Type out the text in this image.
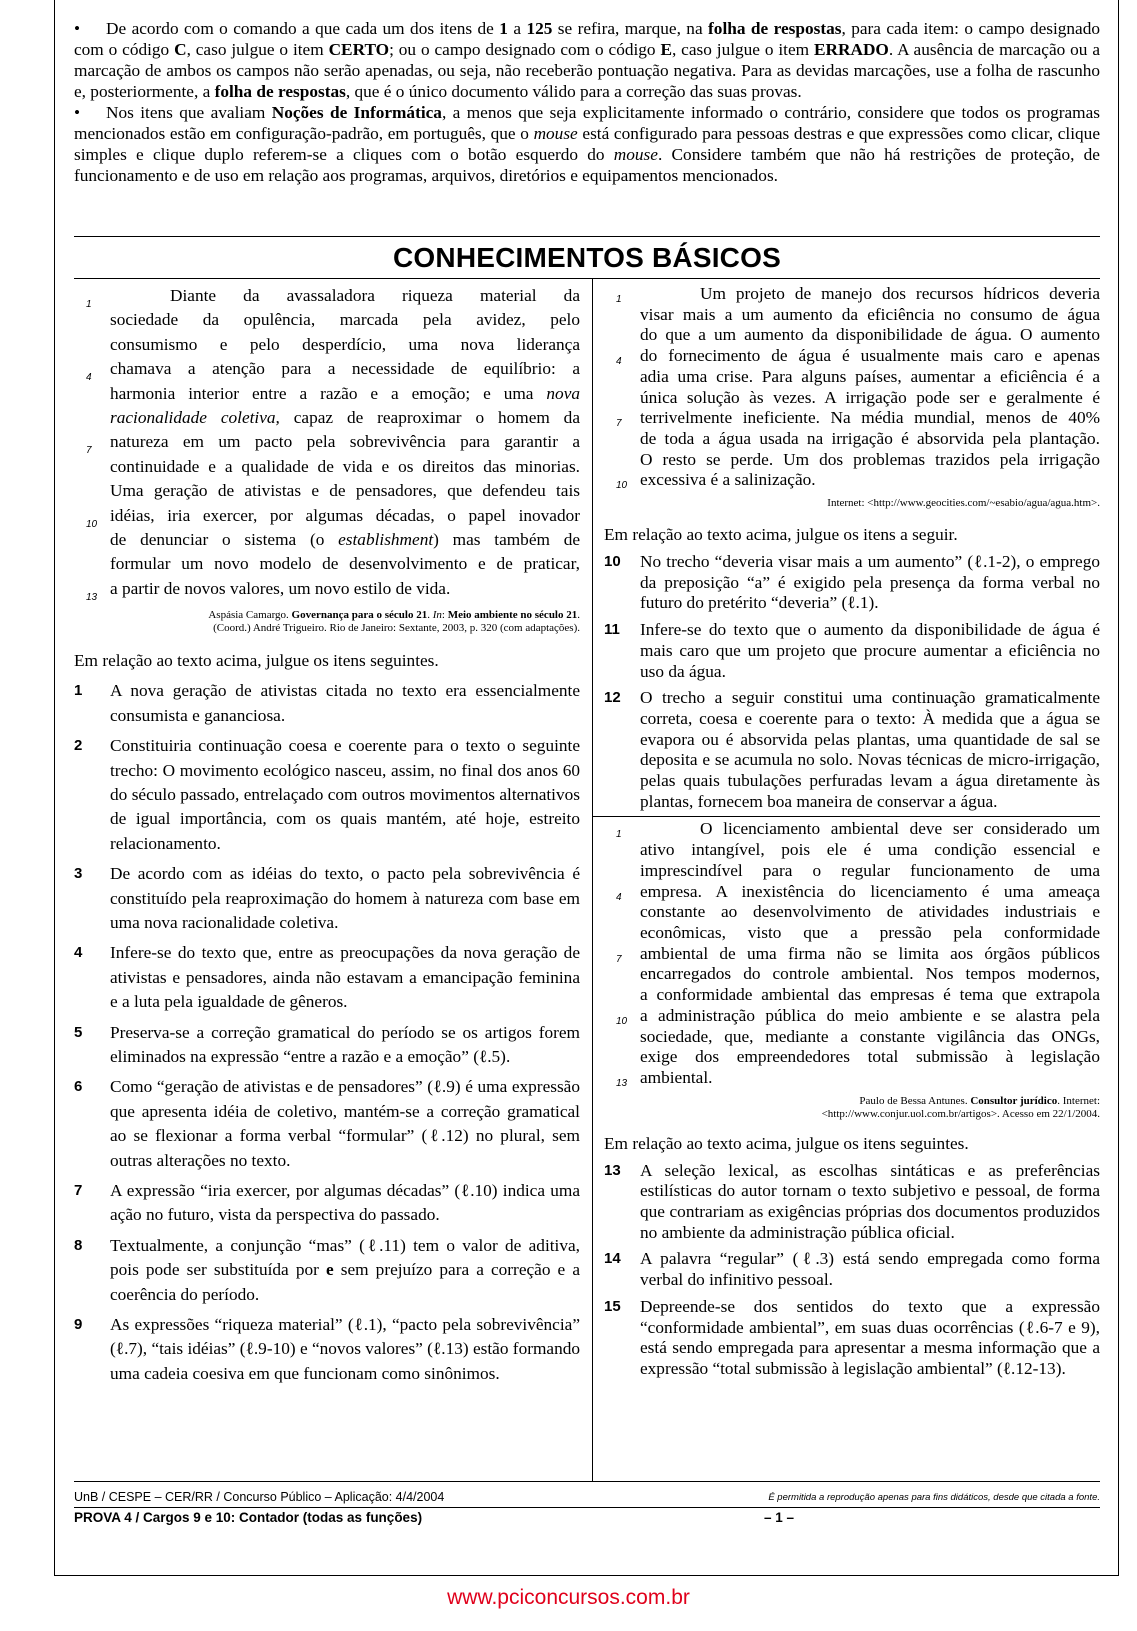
• De acordo com o comando a que cada um dos itens de 1 a 125 se refira, marque, na folha de respostas, para cada item: o campo designado com o código C, caso julgue o item CERTO; ou o campo designado com o código E, caso julgue o item ERRADO. A ausência de marcação ou a marcação de ambos os campos não serão apenadas, ou seja, não receberão pontuação negativa. Para as devidas marcações, use a folha de rascunho e, posteriormente, a folha de respostas, que é o único documento válido para a correção das suas provas.

• Nos itens que avaliam Noções de Informática, a menos que seja explicitamente informado o contrário, considere que todos os programas mencionados estão em configuração-padrão, em português, que o mouse está configurado para pessoas destras e que expressões como clicar, clique simples e clique duplo referem-se a cliques com o botão esquerdo do mouse. Considere também que não há restrições de proteção, de funcionamento e de uso em relação aos programas, arquivos, diretórios e equipamentos mencionados.

CONHECIMENTOS BÁSICOS

1	Diante da avassaladora riqueza material da

sociedade da opulência, marcada pela avidez, pelo

consumismo e pelo desperdício, uma nova liderança

4 chamava a atenção para a necessidade de equilíbrio: a

harmonia interior entre a razão e a emoção; e uma nova

racionalidade coletiva, capaz de reaproximar o homem da

7 natureza em um pacto pela sobrevivência para garantir a

continuidade e a qualidade de vida e os direitos das minorias.

Uma geração de ativistas e de pensadores, que defendeu tais

10 idéias, iria exercer, por algumas décadas, o papel inovador

de denunciar o sistema (o establishment) mas também de

formular um novo modelo de desenvolvimento e de praticar,

13 a partir de novos valores, um novo estilo de vida.

Aspásia Camargo. Governança para o século 21. In: Meio ambiente no século 21.
(Coord.) André Trigueiro. Rio de Janeiro: Sextante, 2003, p. 320 (com adaptações).

Em relação ao texto acima, julgue os itens seguintes.

1 A nova geração de ativistas citada no texto era essencialmente consumista e gananciosa.

2 Constituiria continuação coesa e coerente para o texto o seguinte trecho: O movimento ecológico nasceu, assim, no final dos anos 60 do século passado, entrelaçado com outros movimentos alternativos de igual importância, com os quais mantém, até hoje, estreito relacionamento.

3 De acordo com as idéias do texto, o pacto pela sobrevivência é constituído pela reaproximação do homem à natureza com base em uma nova racionalidade coletiva.

4 Infere-se do texto que, entre as preocupações da nova geração de ativistas e pensadores, ainda não estavam a emancipação feminina e a luta pela igualdade de gêneros.

5 Preserva-se a correção gramatical do período se os artigos forem eliminados na expressão “entre a razão e a emoção” (ℓ.5).

6 Como “geração de ativistas e de pensadores” (ℓ.9) é uma expressão que apresenta idéia de coletivo, mantém-se a correção gramatical ao se flexionar a forma verbal “formular” (ℓ.12) no plural, sem outras alterações no texto.

7 A expressão “iria exercer, por algumas décadas” (ℓ.10) indica uma ação no futuro, vista da perspectiva do passado.

8 Textualmente, a conjunção “mas” (ℓ.11) tem o valor de aditiva, pois pode ser substituída por e sem prejuízo para a correção e a coerência do período.

9 As expressões “riqueza material” (ℓ.1), “pacto pela sobrevivência” (ℓ.7), “tais idéias” (ℓ.9-10) e “novos valores” (ℓ.13) estão formando uma cadeia coesiva em que funcionam como sinônimos.

1	Um projeto de manejo dos recursos hídricos deveria

visar mais a um aumento da eficiência no consumo de água

do que a um aumento da disponibilidade de água. O aumento

4 do fornecimento de água é usualmente mais caro e apenas

adia uma crise. Para alguns países, aumentar a eficiência é a

única solução às vezes. A irrigação pode ser e geralmente é

7 terrivelmente ineficiente. Na média mundial, menos de 40%

de toda a água usada na irrigação é absorvida pela plantação.

O resto se perde. Um dos problemas trazidos pela irrigação

10 excessiva é a salinização.

Internet: <http://www.geocities.com/~esabio/agua/agua.htm>.

Em relação ao texto acima, julgue os itens a seguir.

10 No trecho “deveria visar mais a um aumento” (ℓ.1-2), o emprego da preposição “a” é exigido pela presença da forma verbal no futuro do pretérito “deveria” (ℓ.1).

11 Infere-se do texto que o aumento da disponibilidade de água é mais caro que um projeto que procure aumentar a eficiência no uso da água.

12 O trecho a seguir constitui uma continuação gramaticalmente correta, coesa e coerente para o texto: À medida que a água se evapora ou é absorvida pelas plantas, uma quantidade de sal se deposita e se acumula no solo. Novas técnicas de micro-irrigação, pelas quais tubulações perfuradas levam a água diretamente às plantas, fornecem boa maneira de conservar a água.

1	O licenciamento ambiental deve ser considerado um

ativo intangível, pois ele é uma condição essencial e

imprescindível para o regular funcionamento de uma

4 empresa. A inexistência do licenciamento é uma ameaça

constante ao desenvolvimento de atividades industriais e

econômicas, visto que a pressão pela conformidade

7 ambiental de uma firma não se limita aos órgãos públicos

encarregados do controle ambiental. Nos tempos modernos,

a conformidade ambiental das empresas é tema que extrapola

10 a administração pública do meio ambiente e se alastra pela

sociedade, que, mediante a constante vigilância das ONGs,

exige dos empreendedores total submissão à legislação

13 ambiental.

Paulo de Bessa Antunes. Consultor jurídico. Internet:
<http://www.conjur.uol.com.br/artigos>. Acesso em 22/1/2004.

Em relação ao texto acima, julgue os itens seguintes.

13 A seleção lexical, as escolhas sintáticas e as preferências estilísticas do autor tornam o texto subjetivo e pessoal, de forma que contrariam as exigências próprias dos documentos produzidos no ambiente da administração pública oficial.

14 A palavra “regular” (ℓ.3) está sendo empregada como forma verbal do infinitivo pessoal.

15 Depreende-se dos sentidos do texto que a expressão “conformidade ambiental”, em suas duas ocorrências (ℓ.6-7 e 9), está sendo empregada para apresentar a mesma informação que a expressão “total submissão à legislação ambiental” (ℓ.12-13).

UnB / CESPE – CER/RR / Concurso Público – Aplicação: 4/4/2004	É permitida a reprodução apenas para fins didáticos, desde que citada a fonte.
PROVA 4 / Cargos 9 e 10: Contador (todas as funções)	– 1 –
www.pciconcursos.com.br
